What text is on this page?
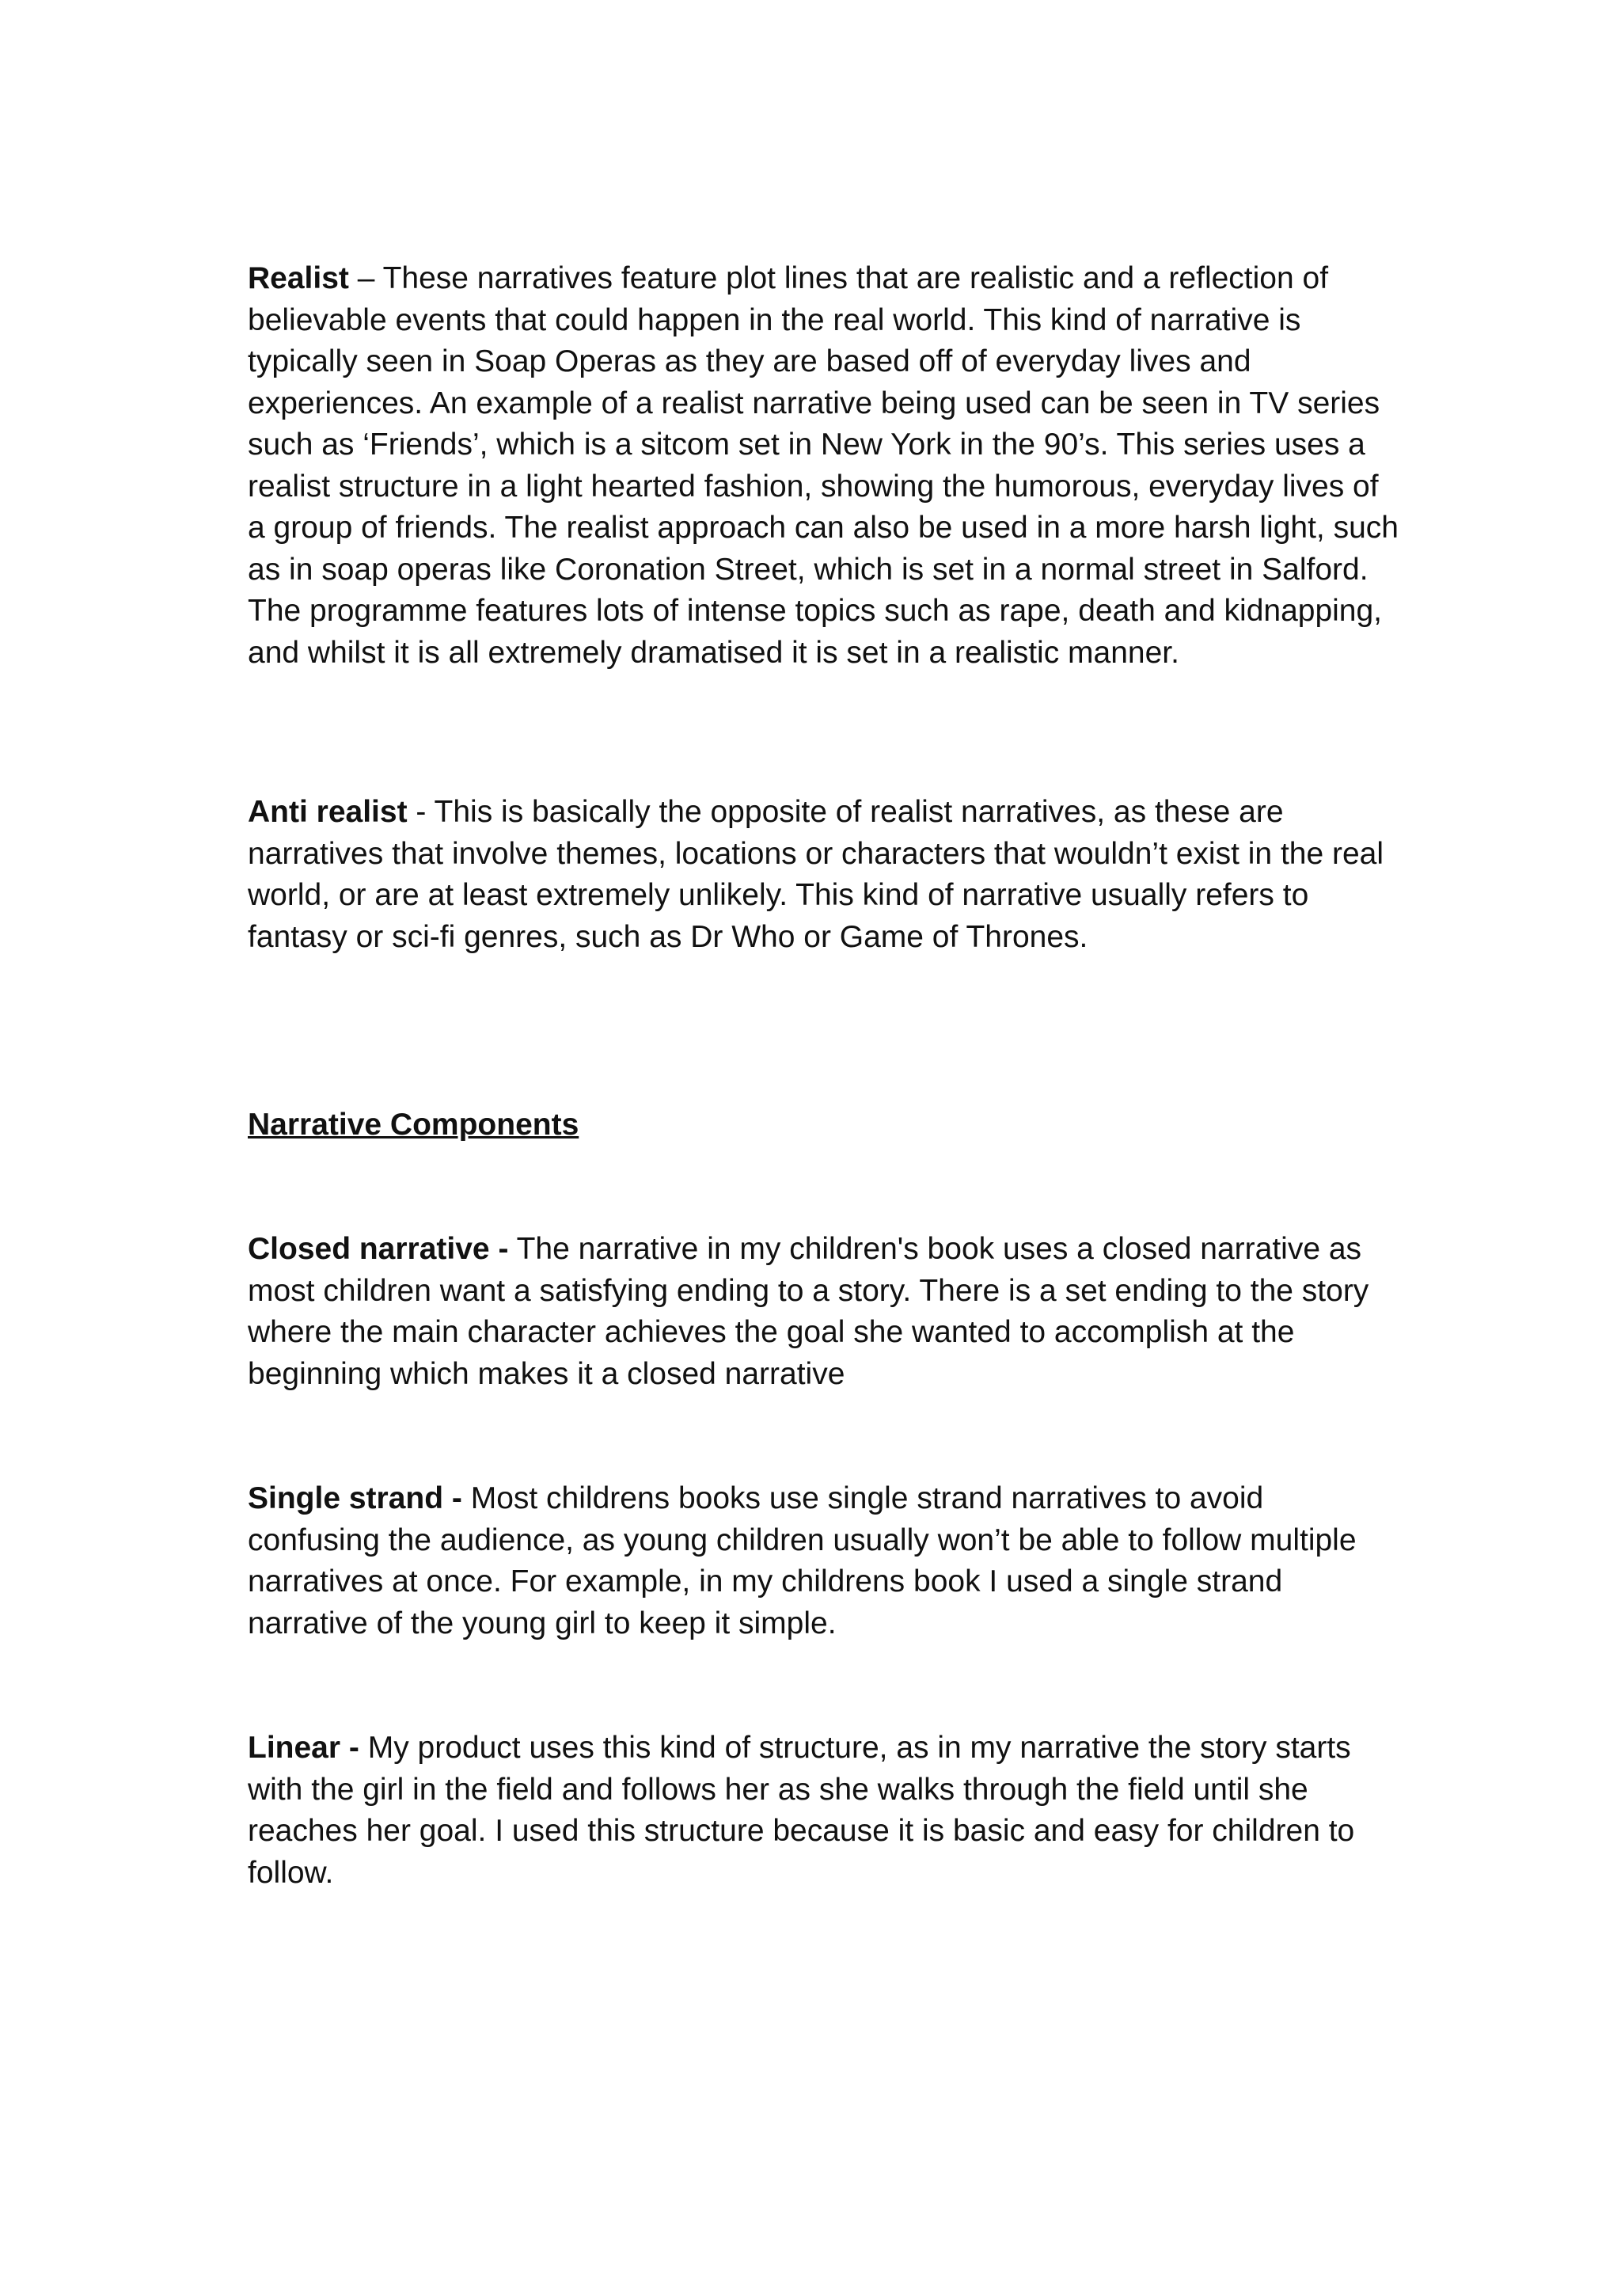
Realist – These narratives feature plot lines that are realistic and a reflection of believable events that could happen in the real world. This kind of narrative is typically seen in Soap Operas as they are based off of everyday lives and experiences. An example of a realist narrative being used can be seen in TV series such as ‘Friends’, which is a sitcom set in New York in the 90’s. This series uses a realist structure in a light hearted fashion, showing the humorous, everyday lives of a group of friends. The realist approach can also be used in a more harsh light, such as in soap operas like Coronation Street, which is set in a normal street in Salford. The programme features lots of intense topics such as rape, death and kidnapping, and whilst it is all extremely dramatised it is set in a realistic manner.

Anti realist - This is basically the opposite of realist narratives, as these are narratives that involve themes, locations or characters that wouldn’t exist in the real world, or are at least extremely unlikely. This kind of narrative usually refers to fantasy or sci-fi genres, such as Dr Who or Game of Thrones.

Narrative Components

Closed narrative - The narrative in my children's book uses a closed narrative as most children want a satisfying ending to a story. There is a set ending to the story where the main character achieves the goal she wanted to accomplish at the beginning which makes it a closed narrative

Single strand - Most childrens books use single strand narratives to avoid confusing the audience, as young children usually won’t be able to follow multiple narratives at once. For example, in my childrens book I used a single strand narrative of the young girl to keep it simple.

Linear - My product uses this kind of structure, as in my narrative the story starts with the girl in the field and follows her as she walks through the field until she reaches her goal. I used this structure because it is basic and easy for children to follow.
